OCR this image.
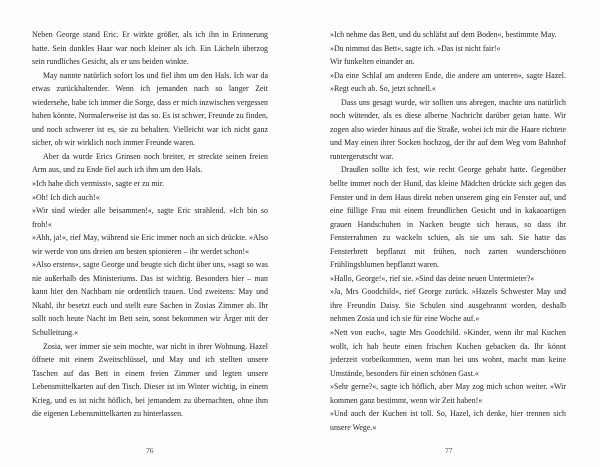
Neben George stand Eric. Er wirkte größer, als ich ihn in Erinnerung hatte. Sein dunkles Haar war noch kleiner als ich. Ein Lächeln überzog sein rundliches Gesicht, als er uns beiden winkte.

May nannte natürlich sofort los und fiel ihm um den Hals. Ich war da etwas zurückhaltender. Wenn ich jemanden nach so langer Zeit wiedersehe, habe ich immer die Sorge, dass er mich inzwischen vergessen haben könnte. Normalerweise ist das so. Es ist schwer, Freunde zu finden, und noch schwerer ist es, sie zu behalten. Vielleicht war ich nicht ganz sicher, ob wir wirklich noch immer Freunde waren.

Aber da wurde Erics Grinsen noch breiter, er streckte seinen freien Arm aus, und zu Ende fiel auch ich ihm um den Hals.

»Ich habe dich vermisst«, sagte er zu mir.

»Oh! Ich dich auch!«

»Wir sind wieder alle beisammen!«, sagte Eric strahlend. »Ich bin so froh!«

»Ahh, ja!«, rief May, während sie Eric immer noch an sich drückte. »Also wir werde von uns dreien am besten spionieren – ihr werdet schon!«

»Also erstens«, sagte George und beugte sich dicht über uns, »sagt so was nie außerhalb des Ministeriums. Das ist wichtig. Besonders hier – man kann hier den Nachbarn nie ordentlich trauen. Und zweitens: May und Nkahl, ihr besetzt euch und stellt eure Sachen in Zosias Zimmer ab. Ihr sollt noch heute Nacht im Bett sein, sonst bekommen wir Ärger mit der Schulleitung.«

Zosia, wer immer sie sein mochte, war nicht in ihrer Wohnung. Hazel öffnete mit einem Zweitschlüssel, und May und ich stellten unsere Taschen auf das Bett in einem freien Zimmer und legten unsere Lebensmittelkarten auf den Tisch. Dieser ist im Winter wichtig, in einem Krieg, und es ist nicht höflich, bei jemandem zu übernachten, ohne ihm die eigenen Lebensmittelkarten zu hinterlassen.

76

»Ich nehme das Bett, und du schläfst auf dem Boden«, bestimmte May.

»Du nimmst das Bett«, sagte ich. »Das ist nicht fair!«

Wir funkelten einander an.

»Da eine Schlaf am anderen Ende, die andere am unteren«, sagte Hazel. »Regt euch ab. So, jetzt schnell.«

Dass uns gesagt wurde, wir sollten uns abregen, machte uns natürlich noch wütender, als es diese alberne Nachricht darüber getan hatte. Wir zogen also wieder hinaus auf die Straße, wobei ich mir die Haare richtete und May einen ihrer Socken hochzog, der ihr auf dem Weg vom Bahnhof runtergerutscht war.

Draußen sollte ich fest, wie recht George gehabt hatte. Gegenüber bellte immer noch der Hund, das kleine Mädchen drückte sich gegen das Fenster und in dem Haus direkt neben unserem ging ein Fenster auf, und eine füllige Frau mit einem freundlichen Gesicht und in kakaoartigen grauen Handschuhen in Nacken beugte sich heraus, so dass ihr Fensterrahmen zu wackeln schien, als sie uns sah. Sie hatte das Fensterbrett bepflanzt mit frühen, noch zarten wunderschönen Frühlingsblumen bepflanzt waren.

»Hallo, George!«, rief sie. »Sind das deine neuen Untermieter?«

»Ja, Mrs Goodchild«, rief George zurück. »Hazels Schwester May und ihre Freundin Daisy. Sie Schulen sind ausgebrannt worden, deshalb nehmen Zosia und ich sie für eine Woche auf.«

»Nett von euch«, sagte Mrs Goodchild. »Kinder, wenn ihr mal Kuchen wollt, ich hab heute einen frischen Kuchen gebacken da. Ihr könnt jederzeit vorbeikommen, wenn man bei uns wohnt, macht man keine Umstände, besonders für einen schönen Gast.«

»Sehr gerne?«, sagte ich höflich, aber May zog mich schon weiter. »Wir kommen ganz bestimmt, wenn wir Zeit haben!«

»Und auch der Kuchen ist toll. So, Hazel, ich denke, hier trennen sich unsere Wege.«

77
